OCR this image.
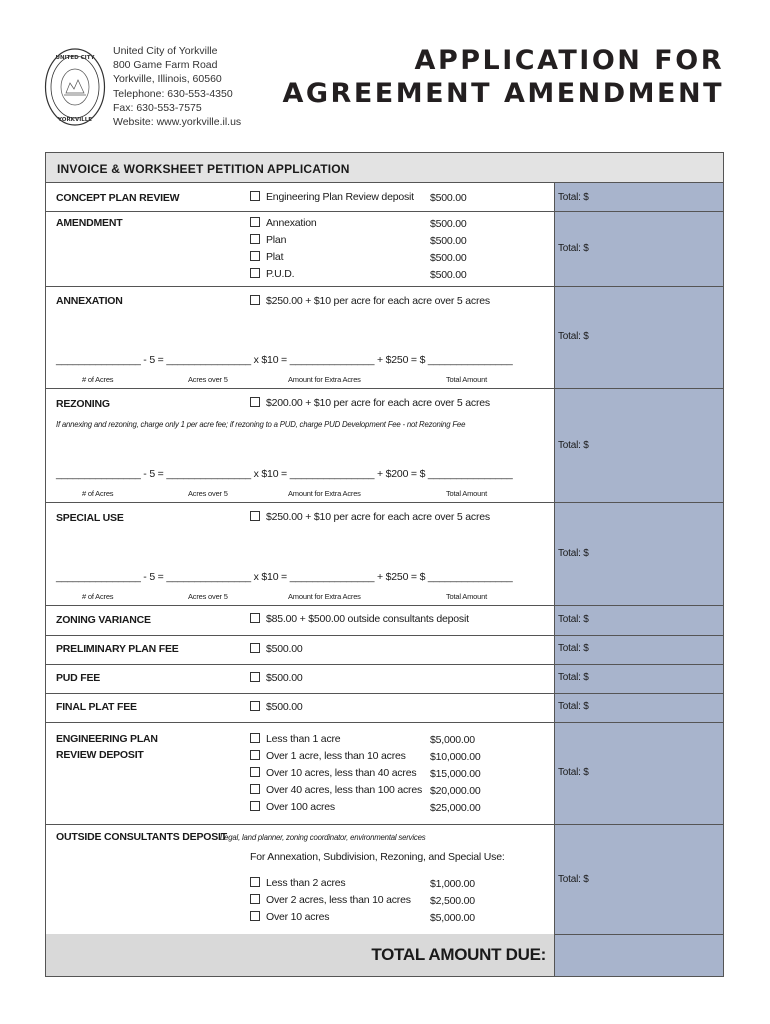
UNITED CITY
YORKVILLE
United City of Yorkville
800 Game Farm Road
Yorkville, Illinois, 60560
Telephone: 630-553-4350
Fax: 630-553-7575
Website: www.yorkville.il.us
APPLICATION FOR
AGREEMENT AMENDMENT
INVOICE & WORKSHEET PETITION APPLICATION
CONCEPT PLAN REVIEW	Engineering Plan Review deposit $500.00	Total: $
AMENDMENT	Annexation	$500.00
Plan	$500.00
Plat	$500.00
P.U.D.	$500.00
Total: $
ANNEXATION	$250.00 + $10 per acre for each acre over 5 acres
Total: $
_______________ - 5 = _______________ x $10 = _______________ + $250 = $ _______________
# of Acres	Acres over 5	Amount for Extra Acres	Total Amount
REZONING	$200.00 + $10 per acre for each acre over 5 acres
If annexing and rezoning, charge only 1 per acre fee; if rezoning to a PUD, charge PUD Development Fee - not Rezoning Fee
Total: $
_______________ - 5 = _______________ x $10 = _______________ + $200 = $ _______________
# of Acres	Acres over 5	Amount for Extra Acres	Total Amount
SPECIAL USE	$250.00 + $10 per acre for each acre over 5 acres
Total: $
_______________ - 5 = _______________ x $10 = _______________ + $250 = $ _______________
# of Acres	Acres over 5	Amount for Extra Acres	Total Amount
ZONING VARIANCE	$85.00 + $500.00 outside consultants deposit	Total: $
PRELIMINARY PLAN FEE	$500.00	Total: $
PUD FEE	$500.00	Total: $
FINAL PLAT FEE	$500.00	Total: $
ENGINEERING PLAN
REVIEW DEPOSIT
Less than 1 acre	$5,000.00
Over 1 acre, less than 10 acres $10,000.00
Over 10 acres, less than 40 acres $15,000.00
Over 40 acres, less than 100 acres $20,000.00
Over 100 acres	$25,000.00
Total: $
OUTSIDE CONSULTANTS DEPOSIT
Legal, land planner, zoning coordinator, environmental services
For Annexation, Subdivision, Rezoning, and Special Use:
Less than 2 acres	$1,000.00
Over 2 acres, less than 10 acres $2,500.00
Over 10 acres	$5,000.00
Total: $
TOTAL AMOUNT DUE:
